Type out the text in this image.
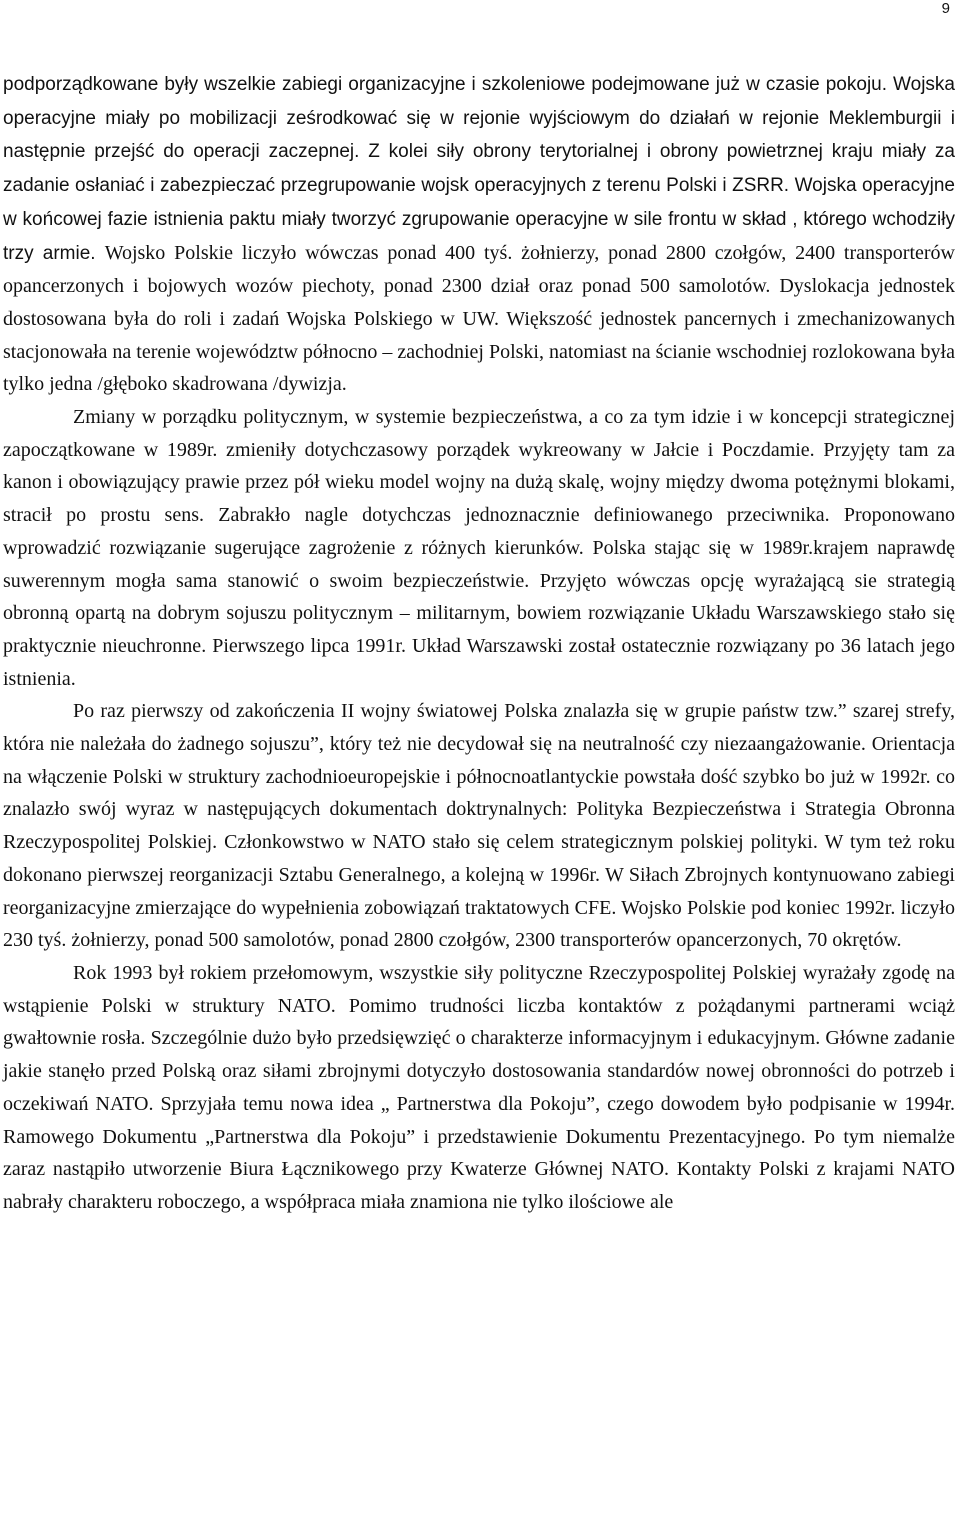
9

podporządkowane były wszelkie zabiegi organizacyjne i szkoleniowe podejmowane już w czasie pokoju. Wojska operacyjne miały po mobilizacji ześrodkować się w rejonie wyjściowym do działań w rejonie Meklemburgii i następnie przejść do operacji zaczepnej. Z kolei siły obrony terytorialnej i obrony powietrznej kraju miały za zadanie osłaniać i zabezpieczać przegrupowanie wojsk operacyjnych z terenu Polski i ZSRR. Wojska operacyjne w końcowej fazie istnienia paktu miały tworzyć zgrupowanie operacyjne w sile frontu w skład , którego wchodziły trzy armie. Wojsko Polskie liczyło wówczas ponad 400 tyś. żołnierzy, ponad 2800 czołgów, 2400 transporterów opancerzonych i bojowych wozów piechoty, ponad 2300 dział oraz ponad 500 samolotów. Dyslokacja jednostek dostosowana była do roli i zadań Wojska Polskiego w UW. Większość jednostek pancernych i zmechanizowanych stacjonowała na terenie województw północno – zachodniej Polski, natomiast na ścianie wschodniej rozlokowana była tylko jedna /głęboko skadrowana /dywizja.

Zmiany w porządku politycznym, w systemie bezpieczeństwa, a co za tym idzie i w koncepcji strategicznej zapoczątkowane w 1989r. zmieniły dotychczasowy porządek wykreowany w Jałcie i Poczdamie. Przyjęty tam za kanon i obowiązujący prawie przez pół wieku model wojny na dużą skalę, wojny między dwoma potężnymi blokami, stracił po prostu sens. Zabrakło nagle dotychczas jednoznacznie definiowanego przeciwnika. Proponowano wprowadzić rozwiązanie sugerujące zagrożenie z różnych kierunków. Polska stając się w 1989r.krajem naprawdę suwerennym mogła sama stanowić o swoim bezpieczeństwie. Przyjęto wówczas opcję wyrażającą sie strategią obronną opartą na dobrym sojuszu politycznym – militarnym, bowiem rozwiązanie Układu Warszawskiego stało się praktycznie nieuchronne. Pierwszego lipca 1991r. Układ Warszawski został ostatecznie rozwiązany po 36 latach jego istnienia.

Po raz pierwszy od zakończenia II wojny światowej Polska znalazła się w grupie państw tzw.” szarej strefy, która nie należała do żadnego sojuszu”, który też nie decydował się na neutralność czy niezaangażowanie. Orientacja na włączenie Polski w struktury zachodnioeuropejskie i północnoatlantyckie powstała dość szybko bo już w 1992r. co znalazło swój wyraz w następujących dokumentach doktrynalnych: Polityka Bezpieczeństwa i Strategia Obronna Rzeczypospolitej Polskiej. Członkowstwo w NATO stało się celem strategicznym polskiej polityki. W tym też roku dokonano pierwszej reorganizacji Sztabu Generalnego, a kolejną w 1996r. W Siłach Zbrojnych kontynuowano zabiegi reorganizacyjne zmierzające do wypełnienia zobowiązań traktatowych CFE. Wojsko Polskie pod koniec 1992r. liczyło 230 tyś. żołnierzy, ponad 500 samolotów, ponad 2800 czołgów, 2300 transporterów opancerzonych, 70 okrętów.

Rok 1993 był rokiem przełomowym, wszystkie siły polityczne Rzeczypospolitej Polskiej wyrażały zgodę na wstąpienie Polski w struktury NATO. Pomimo trudności liczba kontaktów z pożądanymi partnerami wciąż gwałtownie rosła. Szczególnie dużo było przedsięwzięć o charakterze informacyjnym i edukacyjnym. Główne zadanie jakie stanęło przed Polską oraz siłami zbrojnymi dotyczyło dostosowania standardów nowej obronności do potrzeb i oczekiwań NATO. Sprzyjała temu nowa idea „ Partnerstwa dla Pokoju”, czego dowodem było podpisanie w 1994r. Ramowego Dokumentu „Partnerstwa dla Pokoju” i przedstawienie Dokumentu Prezentacyjnego. Po tym niemalże zaraz nastąpiło utworzenie Biura Łącznikowego przy Kwaterze Głównej NATO. Kontakty Polski z krajami NATO nabrały charakteru roboczego, a współpraca miała znamiona nie tylko ilościowe ale
